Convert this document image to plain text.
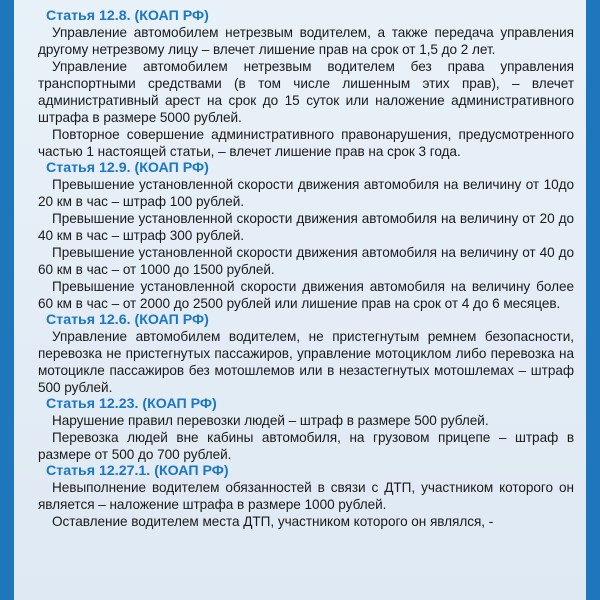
Статья 12.8. (КОАП РФ)

Управление автомобилем нетрезвым водителем, а также передача управления другому нетрезвому лицу – влечет лишение прав на срок от 1,5 до 2 лет.

Управление автомобилем нетрезвым водителем без права управления транспортными средствами (в том числе лишенным этих прав), – влечет административный арест на срок до 15 суток или наложение административного штрафа в размере 5000 рублей.

Повторное совершение административного правонарушения, предусмотренного частью 1 настоящей статьи, – влечет лишение прав на срок 3 года.

Статья 12.9. (КОАП РФ)

Превышение установленной скорости движения автомобиля на величину от 10до 20 км в час – штраф 100 рублей.

Превышение установленной скорости движения автомобиля на величину от 20 до 40 км в час – штраф 300 рублей.

Превышение установленной скорости движения автомобиля на величину от 40 до 60 км в час – от 1000 до 1500 рублей.

Превышение установленной скорости движения автомобиля на величину более 60 км в час – от 2000 до 2500 рублей или лишение прав на срок от 4 до 6 месяцев.

Статья 12.6. (КОАП РФ)

Управление автомобилем водителем, не пристегнутым ремнем безопасности, перевозка не пристегнутых пассажиров, управление мотоциклом либо перевозка на мотоцикле пассажиров без мотошлемов или в незастегнутых мотошлемах – штраф 500 рублей.

Статья 12.23. (КОАП РФ)

Нарушение правил перевозки людей – штраф в размере 500 рублей.

Перевозка людей вне кабины автомобиля, на грузовом прицепе – штраф в размере от 500 до 700 рублей.

Статья 12.27.1. (КОАП РФ)

Невыполнение водителем обязанностей в связи с ДТП, участником которого он является – наложение штрафа в размере 1000 рублей.

Оставление водителем места ДТП, участником которого он являлся, -
